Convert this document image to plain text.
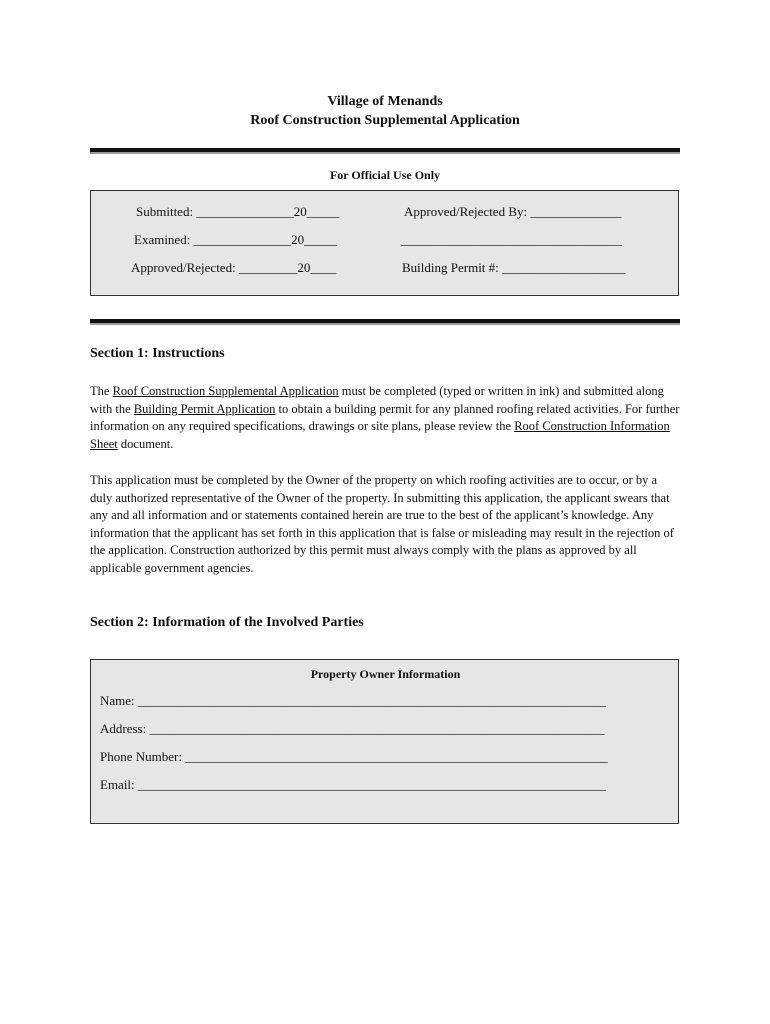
Village of Menands
Roof Construction Supplemental Application
For Official Use Only
Submitted: _______________20_____	Approved/Rejected By: ______________
Examined: _______________20_____	__________________________________
Approved/Rejected: _________20____	Building Permit #: ___________________
Section 1: Instructions
The Roof Construction Supplemental Application must be completed (typed or written in ink) and submitted along with the Building Permit Application to obtain a building permit for any planned roofing related activities. For further information on any required specifications, drawings or site plans, please review the Roof Construction Information Sheet document.
This application must be completed by the Owner of the property on which roofing activities are to occur, or by a duly authorized representative of the Owner of the property. In submitting this application, the applicant swears that any and all information and or statements contained herein are true to the best of the applicant’s knowledge. Any information that the applicant has set forth in this application that is false or misleading may result in the rejection of the application. Construction authorized by this permit must always comply with the plans as approved by all applicable government agencies.
Section 2: Information of the Involved Parties
Property Owner Information
Name: ________________________________________________________________________
Address: ______________________________________________________________________
Phone Number: _________________________________________________________________
Email: ________________________________________________________________________
